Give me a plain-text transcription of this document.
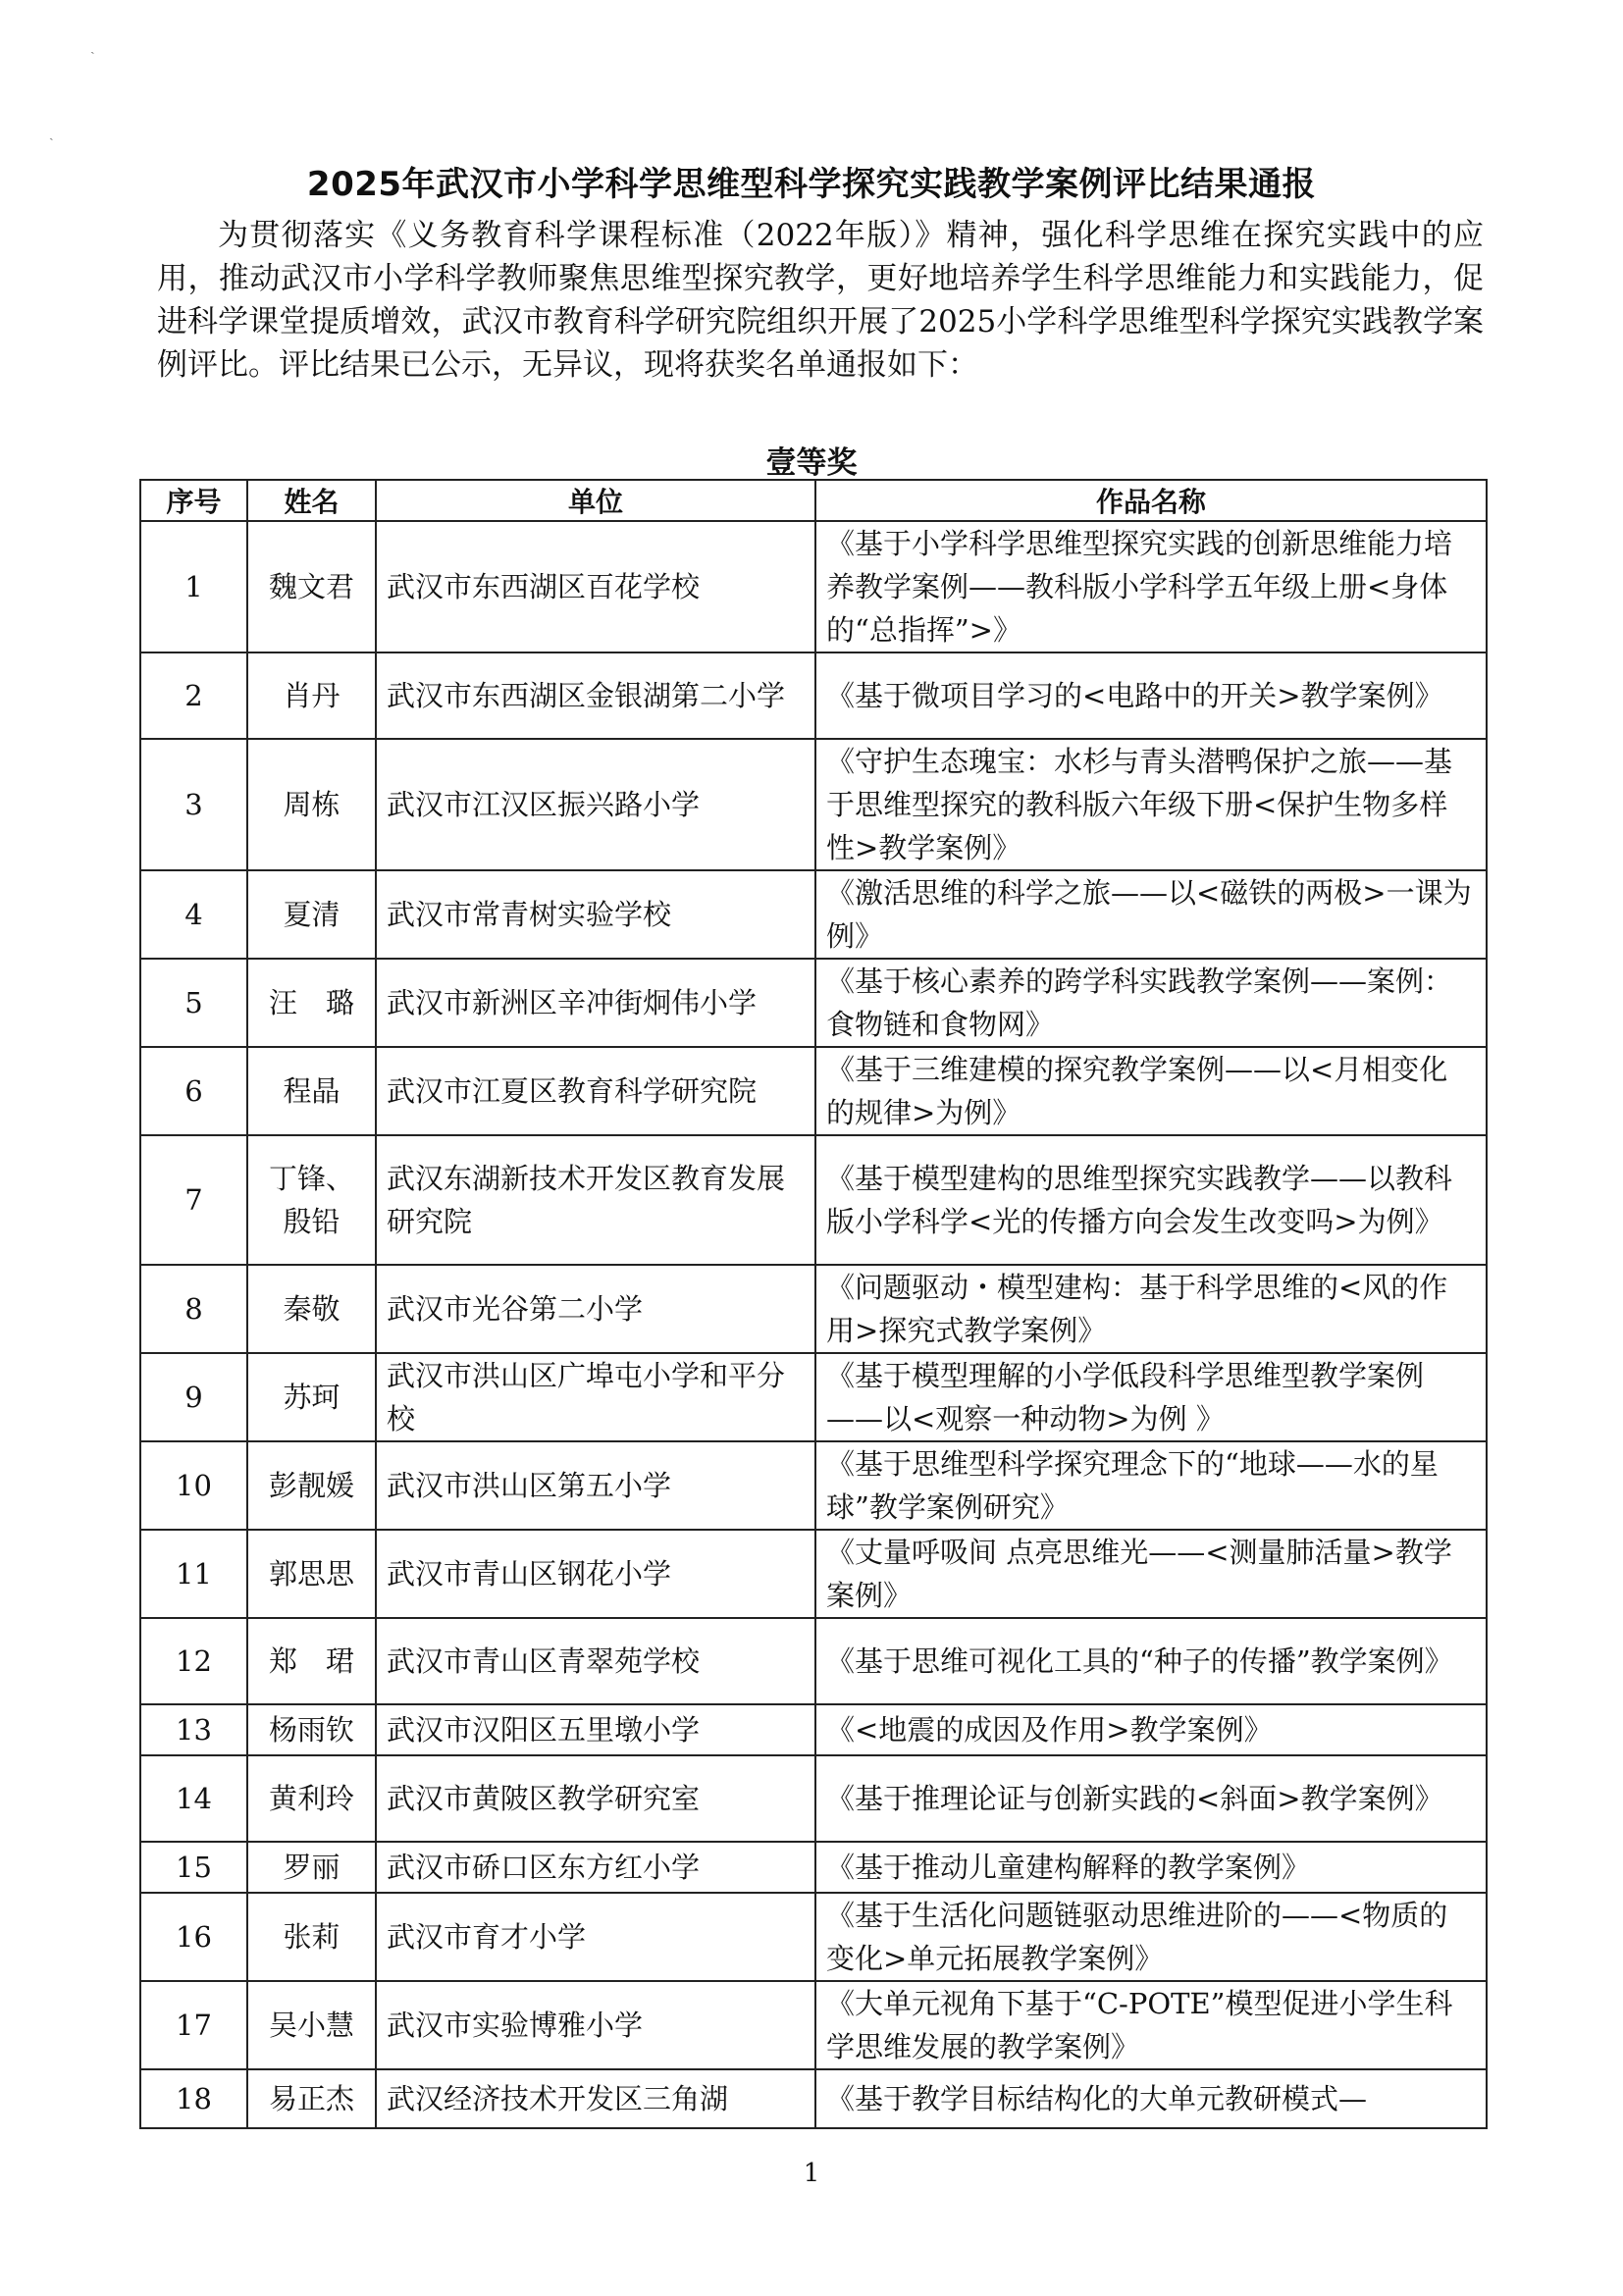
ˎ
ˏ
2025年武汉市小学科学思维型科学探究实践教学案例评比结果通报

为贯彻落实《义务教育科学课程标准（2022年版）》精神，强化科学思维在探究实践中的应用，推动武汉市小学科学教师聚焦思维型探究教学，更好地培养学生科学思维能力和实践能力，促进科学课堂提质增效，武汉市教育科学研究院组织开展了2025小学科学思维型科学探究实践教学案例评比。评比结果已公示，无异议，现将获奖名单通报如下：

壹等奖
序号	姓名	单位	作品名称
1	魏文君	武汉市东西湖区百花学校	《基于小学科学思维型探究实践的创新思维能力培养教学案例——教科版小学科学五年级上册<身体的“总指挥”>》
2	肖丹	武汉市东西湖区金银湖第二小学	《基于微项目学习的<电路中的开关>教学案例》
3	周栋	武汉市江汉区振兴路小学	《守护生态瑰宝：水杉与青头潜鸭保护之旅——基于思维型探究的教科版六年级下册<保护生物多样性>教学案例》
4	夏清	武汉市常青树实验学校	《激活思维的科学之旅——以<磁铁的两极>一课为例》
5	汪　璐	武汉市新洲区辛冲街炯伟小学	《基于核心素养的跨学科实践教学案例——案例：食物链和食物网》
6	程晶	武汉市江夏区教育科学研究院	《基于三维建模的探究教学案例——以<月相变化的规律>为例》
7	丁锋、殷铅	武汉东湖新技术开发区教育发展研究院	《基于模型建构的思维型探究实践教学——以教科版小学科学<光的传播方向会发生改变吗>为例》
8	秦敬	武汉市光谷第二小学	《问题驱动・模型建构：基于科学思维的<风的作用>探究式教学案例》
9	苏珂	武汉市洪山区广埠屯小学和平分校	《基于模型理解的小学低段科学思维型教学案例——以<观察一种动物>为例 》
10	彭靓媛	武汉市洪山区第五小学	《基于思维型科学探究理念下的“地球——水的星球”教学案例研究》
11	郭思思	武汉市青山区钢花小学	《丈量呼吸间 点亮思维光——<测量肺活量>教学案例》
12	郑　珺	武汉市青山区青翠苑学校	《基于思维可视化工具的“种子的传播”教学案例》
13	杨雨钦	武汉市汉阳区五里墩小学	《<地震的成因及作用>教学案例》
14	黄利玲	武汉市黄陂区教学研究室	《基于推理论证与创新实践的<斜面>教学案例》
15	罗丽	武汉市硚口区东方红小学	《基于推动儿童建构解释的教学案例》
16	张莉	武汉市育才小学	《基于生活化问题链驱动思维进阶的——<物质的变化>单元拓展教学案例》
17	吴小慧	武汉市实验博雅小学	《大单元视角下基于“C-POTE”模型促进小学生科学思维发展的教学案例》
18	易正杰	武汉经济技术开发区三角湖	《基于教学目标结构化的大单元教研模式—
1
